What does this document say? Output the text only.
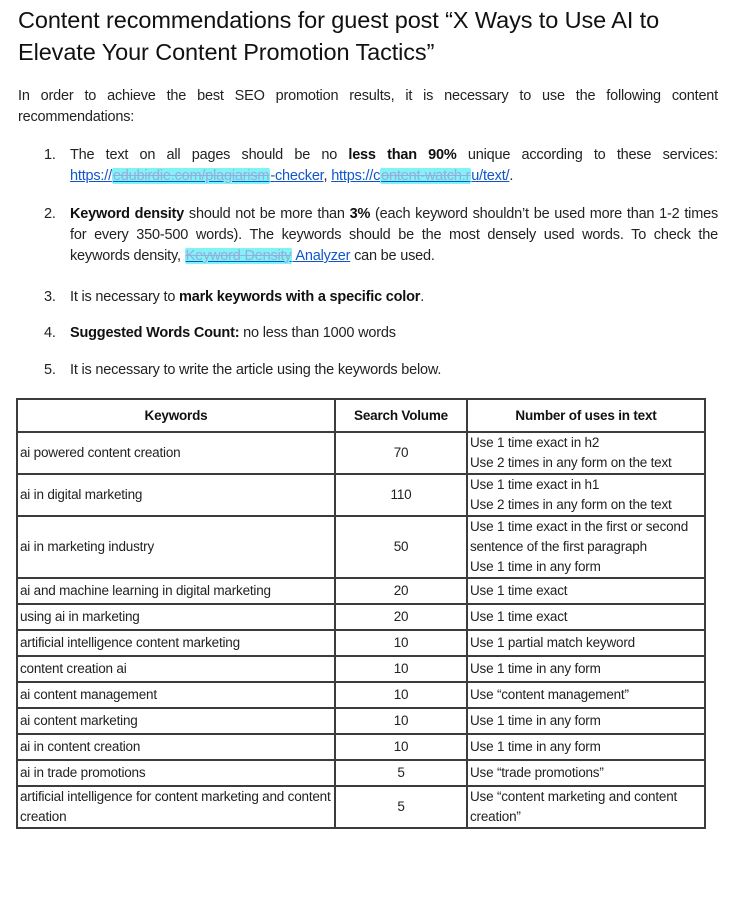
Content recommendations for guest post “X Ways to Use AI to Elevate Your Content Promotion Tactics”

In order to achieve the best SEO promotion results, it is necessary to use the following content recommendations:

1. The text on all pages should be no less than 90% unique according to these services: https://edubirdie.com/plagiarism-checker, https://content-watch.ru/text/.
2. Keyword density should not be more than 3% (each keyword shouldn’t be used more than 1-2 times for every 350-500 words). The keywords should be the most densely used words. To check the keywords density, Keyword Density Analyzer can be used.
3. It is necessary to mark keywords with a specific color.
4. Suggested Words Count: no less than 1000 words
5. It is necessary to write the article using the keywords below.
Keywords	Search Volume	Number of uses in text
ai powered content creation	70	Use 1 time exact in h2
Use 2 times in any form on the text

ai in digital marketing	110	Use 1 time exact in h1
Use 2 times in any form on the text

ai in marketing industry	50	Use 1 time exact in the first or second sentence of the first paragraph
Use 1 time in any form

ai and machine learning in digital marketing	20	Use 1 time exact

using ai in marketing	20	Use 1 time exact

artificial intelligence content marketing	10	Use 1 partial match keyword

content creation ai	10	Use 1 time in any form

ai content management	10	Use “content management”

ai content marketing	10	Use 1 time in any form

ai in content creation	10	Use 1 time in any form

ai in trade promotions	5	Use “trade promotions”

artificial intelligence for content marketing and content creation	5	Use “content marketing and content creation”
